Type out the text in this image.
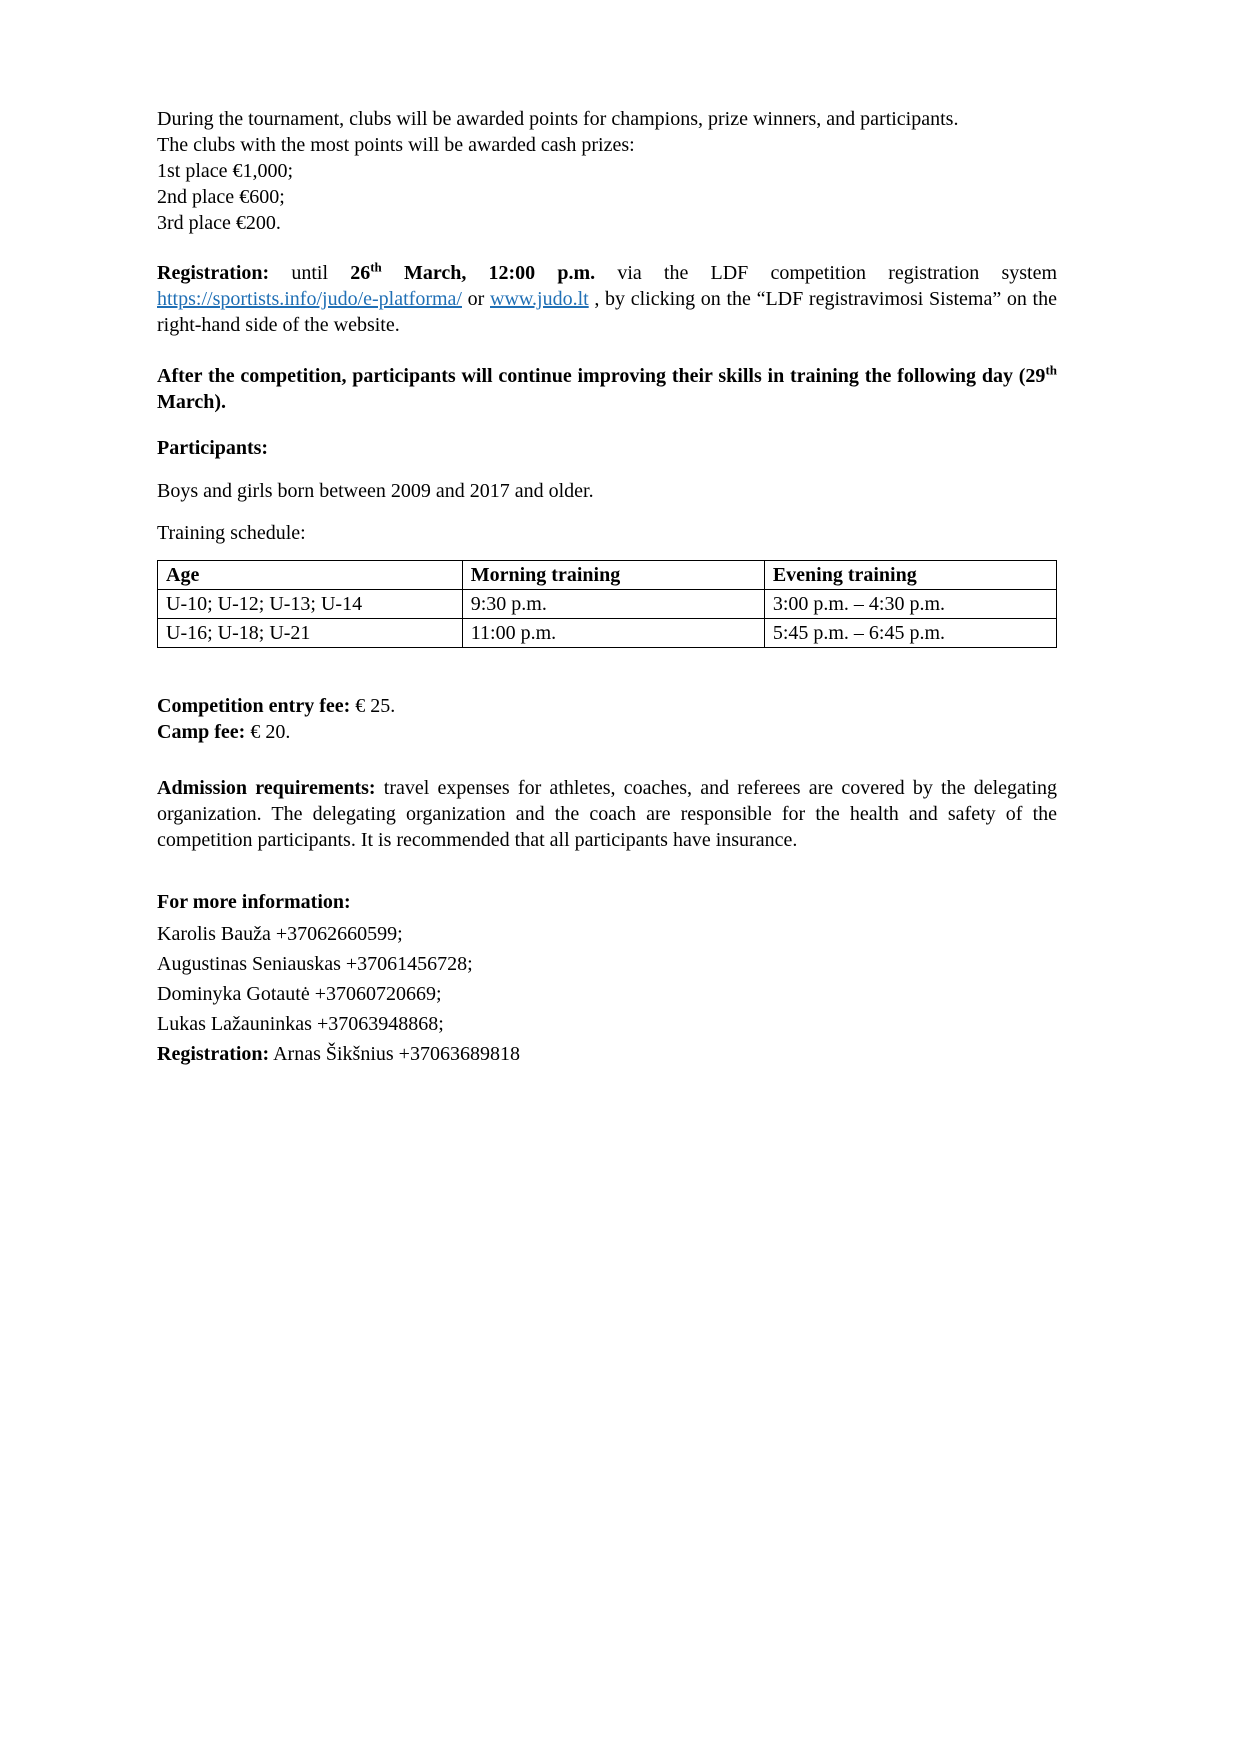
During the tournament, clubs will be awarded points for champions, prize winners, and participants.
The clubs with the most points will be awarded cash prizes:
1st place €1,000;
2nd place €600;
3rd place €200.

Registration: until 26th March, 12:00 p.m. via the LDF competition registration system https://sportists.info/judo/e-platforma/ or www.judo.lt , by clicking on the “LDF registravimosi Sistema” on the right-hand side of the website.

After the competition, participants will continue improving their skills in training the following day (29th March).

Participants:

Boys and girls born between 2009 and 2017 and older.

Training schedule:

Age	Morning training	Evening training
U-10; U-12; U-13; U-14	9:30 p.m.	3:00 p.m. – 4:30 p.m.
U-16; U-18; U-21	11:00 p.m.	5:45 p.m. – 6:45 p.m.

Competition entry fee: € 25.

Camp fee: € 20.

Admission requirements: travel expenses for athletes, coaches, and referees are covered by the delegating organization. The delegating organization and the coach are responsible for the health and safety of the competition participants. It is recommended that all participants have insurance.

For more information:

Karolis Bauža +37062660599;
Augustinas Seniauskas +37061456728;
Dominyka Gotautė +37060720669;
Lukas Lažauninkas +37063948868;
Registration: Arnas Šikšnius +37063689818
